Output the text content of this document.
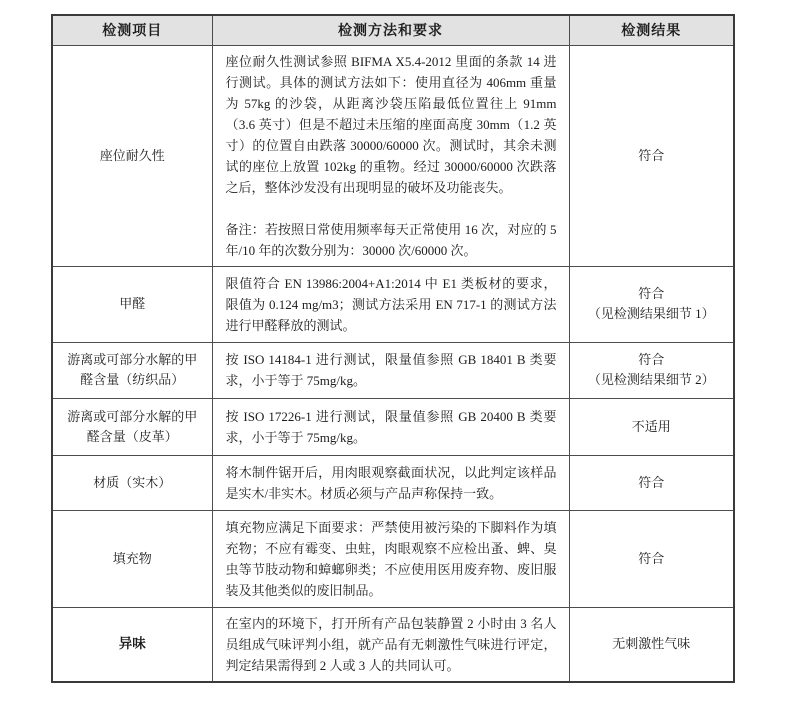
检测项目	检测方法和要求	检测结果
座位耐久性	座位耐久性测试参照 BIFMA X5.4-2012 里面的条款 14 进行测试。具体的测试方法如下：使用直径为 406mm 重量为 57kg 的沙袋，从距离沙袋压陷最低位置往上 91mm（3.6 英寸）但是不超过未压缩的座面高度 30mm（1.2 英寸）的位置自由跌落 30000/60000 次。测试时，其余未测试的座位上放置 102kg 的重物。经过 30000/60000 次跌落之后，整体沙发没有出现明显的破坏及功能丧失。

备注：若按照日常使用频率每天正常使用 16 次，对应的 5 年/10 年的次数分别为：30000 次/60000 次。	符合

甲醛	限值符合 EN 13986:2004+A1:2014 中 E1 类板材的要求，限值为 0.124 mg/m3；测试方法采用 EN 717-1 的测试方法进行甲醛释放的测试。	符合
（见检测结果细节 1）

游离或可部分水解的甲醛含量（纺织品）	按 ISO 14184-1 进行测试，限量值参照 GB 18401 B 类要求，小于等于 75mg/kg。	符合
（见检测结果细节 2）

游离或可部分水解的甲醛含量（皮革）	按 ISO 17226-1 进行测试，限量值参照 GB 20400 B 类要求，小于等于 75mg/kg。	不适用

材质（实木）	将木制件锯开后，用肉眼观察截面状况，以此判定该样品是实木/非实木。材质必须与产品声称保持一致。	符合

填充物	填充物应满足下面要求：严禁使用被污染的下脚料作为填充物；不应有霉变、虫蛀，肉眼观察不应检出蚤、蜱、臭虫等节肢动物和蟑螂卵类；不应使用医用废弃物、废旧服装及其他类似的废旧制品。	符合

异味	在室内的环境下，打开所有产品包装静置 2 小时由 3 名人员组成气味评判小组，就产品有无刺激性气味进行评定，判定结果需得到 2 人或 3 人的共同认可。	无刺激性气味
